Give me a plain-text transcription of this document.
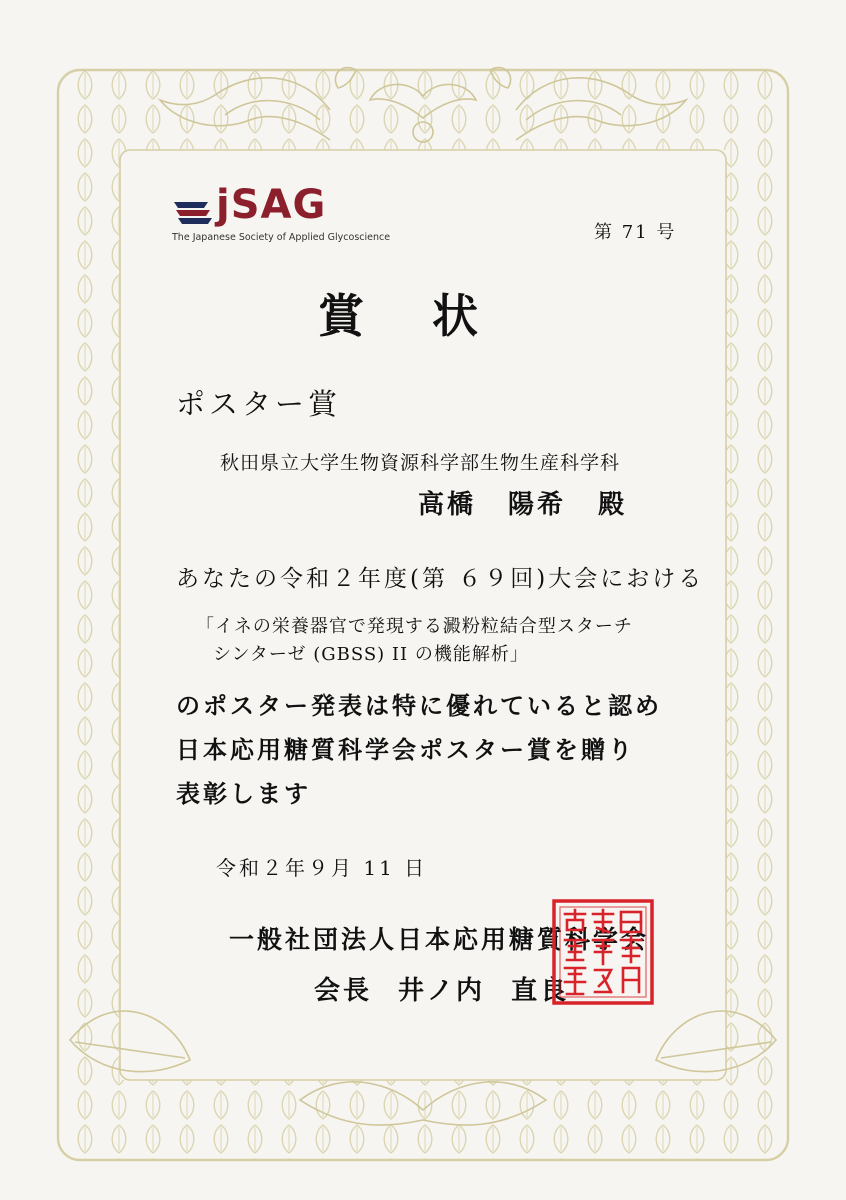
jSAG
The Japanese Society of Applied Glycoscience	第 71 号
賞状
ポスター賞
秋田県立大学生物資源科学部生物生産科学科
高橋 陽希 殿
あなたの令和２年度(第 ６９回)大会における
「イネの栄養器官で発現する澱粉粒結合型スターチ
シンターゼ (GBSS) II の機能解析」
のポスター発表は特に優れていると認め
日本応用糖質科学会ポスター賞を贈り
表彰します
令和２年９月 11 日
一般社団法人日本応用糖質科学会
会長 井ノ内 直良
